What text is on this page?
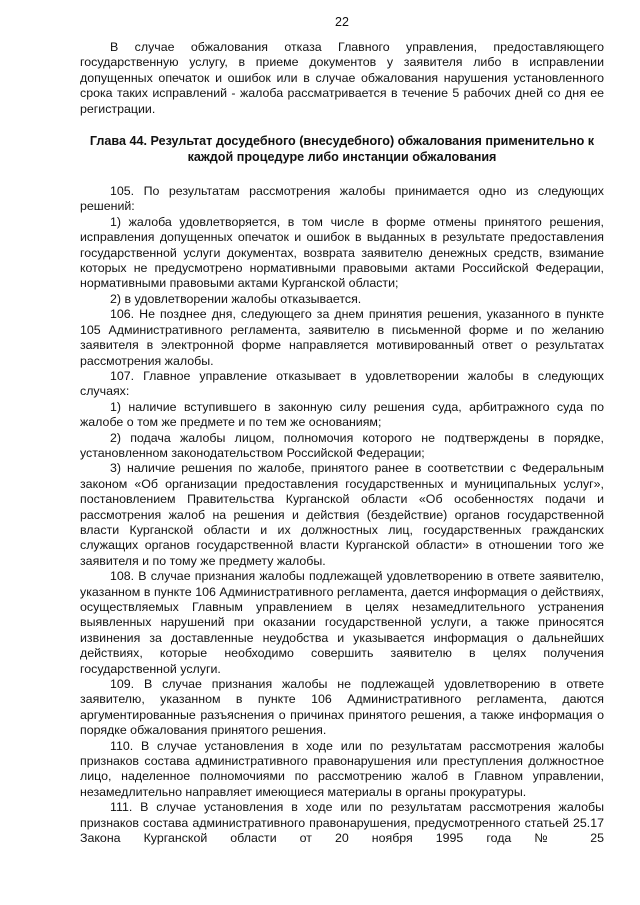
22

В случае обжалования отказа Главного управления, предоставляющего государственную услугу, в приеме документов у заявителя либо в исправлении допущенных опечаток и ошибок или в случае обжалования нарушения установленного срока таких исправлений - жалоба рассматривается в течение 5 рабочих дней со дня ее регистрации.

Глава 44. Результат досудебного (внесудебного) обжалования применительно к каждой процедуре либо инстанции обжалования

105. По результатам рассмотрения жалобы принимается одно из следующих решений:

1) жалоба удовлетворяется, в том числе в форме отмены принятого решения, исправления допущенных опечаток и ошибок в выданных в результате предоставления государственной услуги документах, возврата заявителю денежных средств, взимание которых не предусмотрено нормативными правовыми актами Российской Федерации, нормативными правовыми актами Курганской области;

2) в удовлетворении жалобы отказывается.

106. Не позднее дня, следующего за днем принятия решения, указанного в пункте 105 Административного регламента, заявителю в письменной форме и по желанию заявителя в электронной форме направляется мотивированный ответ о результатах рассмотрения жалобы.

107. Главное управление отказывает в удовлетворении жалобы в следующих случаях:

1) наличие вступившего в законную силу решения суда, арбитражного суда по жалобе о том же предмете и по тем же основаниям;

2) подача жалобы лицом, полномочия которого не подтверждены в порядке, установленном законодательством Российской Федерации;

3) наличие решения по жалобе, принятого ранее в соответствии с Федеральным законом «Об организации предоставления государственных и муниципальных услуг», постановлением Правительства Курганской области «Об особенностях подачи и рассмотрения жалоб на решения и действия (бездействие) органов государственной власти Курганской области и их должностных лиц, государственных гражданских служащих органов государственной власти Курганской области» в отношении того же заявителя и по тому же предмету жалобы.

108. В случае признания жалобы подлежащей удовлетворению в ответе заявителю, указанном в пункте 106 Административного регламента, дается информация о действиях, осуществляемых Главным управлением в целях незамедлительного устранения выявленных нарушений при оказании государственной услуги, а также приносятся извинения за доставленные неудобства и указывается информация о дальнейших действиях, которые необходимо совершить заявителю в целях получения государственной услуги.

109. В случае признания жалобы не подлежащей удовлетворению в ответе заявителю, указанном в пункте 106 Административного регламента, даются аргументированные разъяснения о причинах принятого решения, а также информация о порядке обжалования принятого решения.

110. В случае установления в ходе или по результатам рассмотрения жалобы признаков состава административного правонарушения или преступления должностное лицо, наделенное полномочиями по рассмотрению жалоб в Главном управлении, незамедлительно направляет имеющиеся материалы в органы прокуратуры.

111. В случае установления в ходе или по результатам рассмотрения жалобы признаков состава административного правонарушения, предусмотренного статьей 25.17 Закона Курганской области от 20 ноября 1995 года № 25
